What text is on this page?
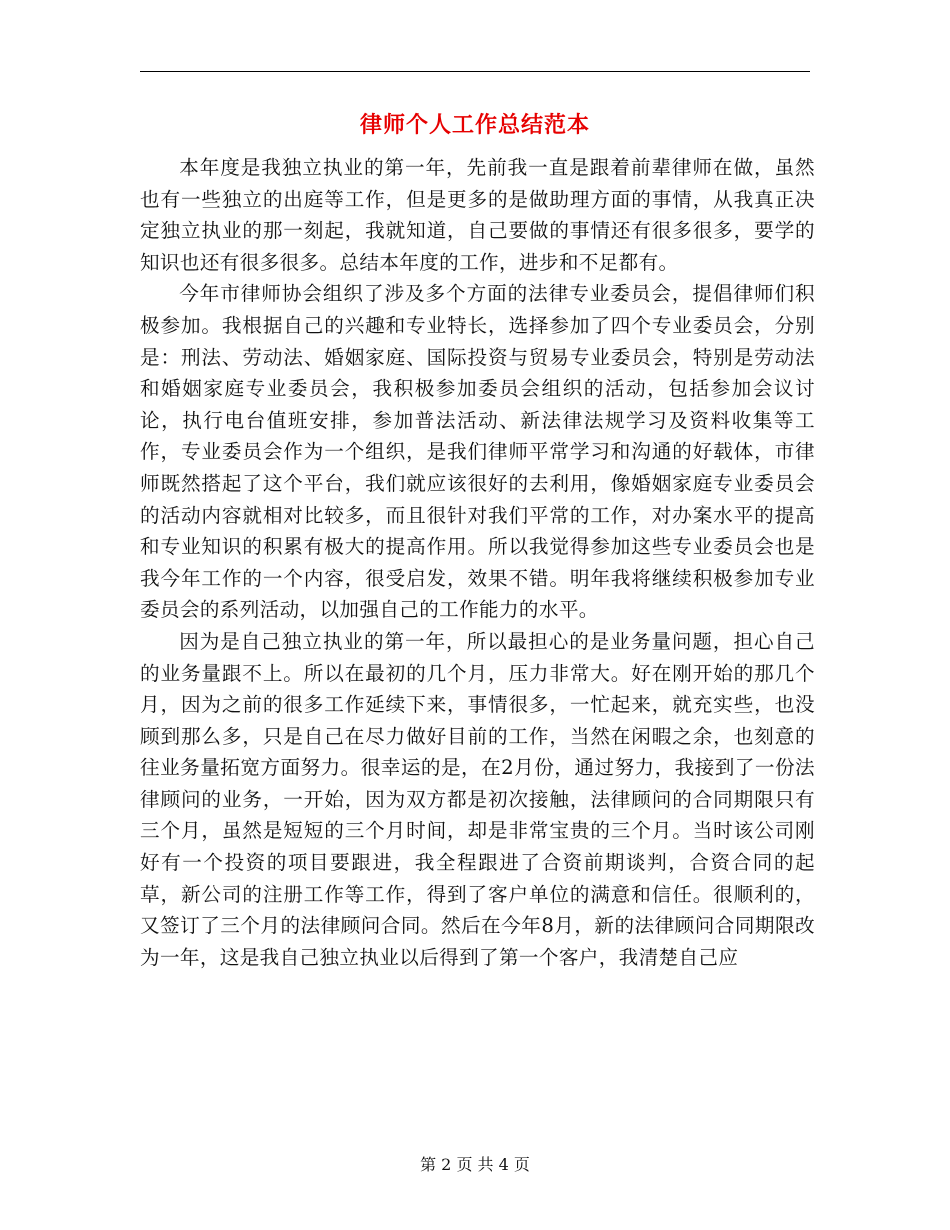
律师个人工作总结范本

本年度是我独立执业的第一年，先前我一直是跟着前辈律师在做，虽然也有一些独立的出庭等工作，但是更多的是做助理方面的事情，从我真正决定独立执业的那一刻起，我就知道，自己要做的事情还有很多很多，要学的知识也还有很多很多。总结本年度的工作，进步和不足都有。

今年市律师协会组织了涉及多个方面的法律专业委员会，提倡律师们积极参加。我根据自己的兴趣和专业特长，选择参加了四个专业委员会，分别是：刑法、劳动法、婚姻家庭、国际投资与贸易专业委员会，特别是劳动法和婚姻家庭专业委员会，我积极参加委员会组织的活动，包括参加会议讨论，执行电台值班安排，参加普法活动、新法律法规学习及资料收集等工作，专业委员会作为一个组织，是我们律师平常学习和沟通的好载体，市律师既然搭起了这个平台，我们就应该很好的去利用，像婚姻家庭专业委员会的活动内容就相对比较多，而且很针对我们平常的工作，对办案水平的提高和专业知识的积累有极大的提高作用。所以我觉得参加这些专业委员会也是我今年工作的一个内容，很受启发，效果不错。明年我将继续积极参加专业委员会的系列活动，以加强自己的工作能力的水平。

因为是自己独立执业的第一年，所以最担心的是业务量问题，担心自己的业务量跟不上。所以在最初的几个月，压力非常大。好在刚开始的那几个月，因为之前的很多工作延续下来，事情很多，一忙起来，就充实些，也没顾到那么多，只是自己在尽力做好目前的工作，当然在闲暇之余，也刻意的往业务量拓宽方面努力。很幸运的是，在2月份，通过努力，我接到了一份法律顾问的业务，一开始，因为双方都是初次接触，法律顾问的合同期限只有三个月，虽然是短短的三个月时间，却是非常宝贵的三个月。当时该公司刚好有一个投资的项目要跟进，我全程跟进了合资前期谈判，合资合同的起草，新公司的注册工作等工作，得到了客户单位的满意和信任。很顺利的，又签订了三个月的法律顾问合同。然后在今年8月，新的法律顾问合同期限改为一年，这是我自己独立执业以后得到了第一个客户，我清楚自己应

第 2 页 共 4 页
